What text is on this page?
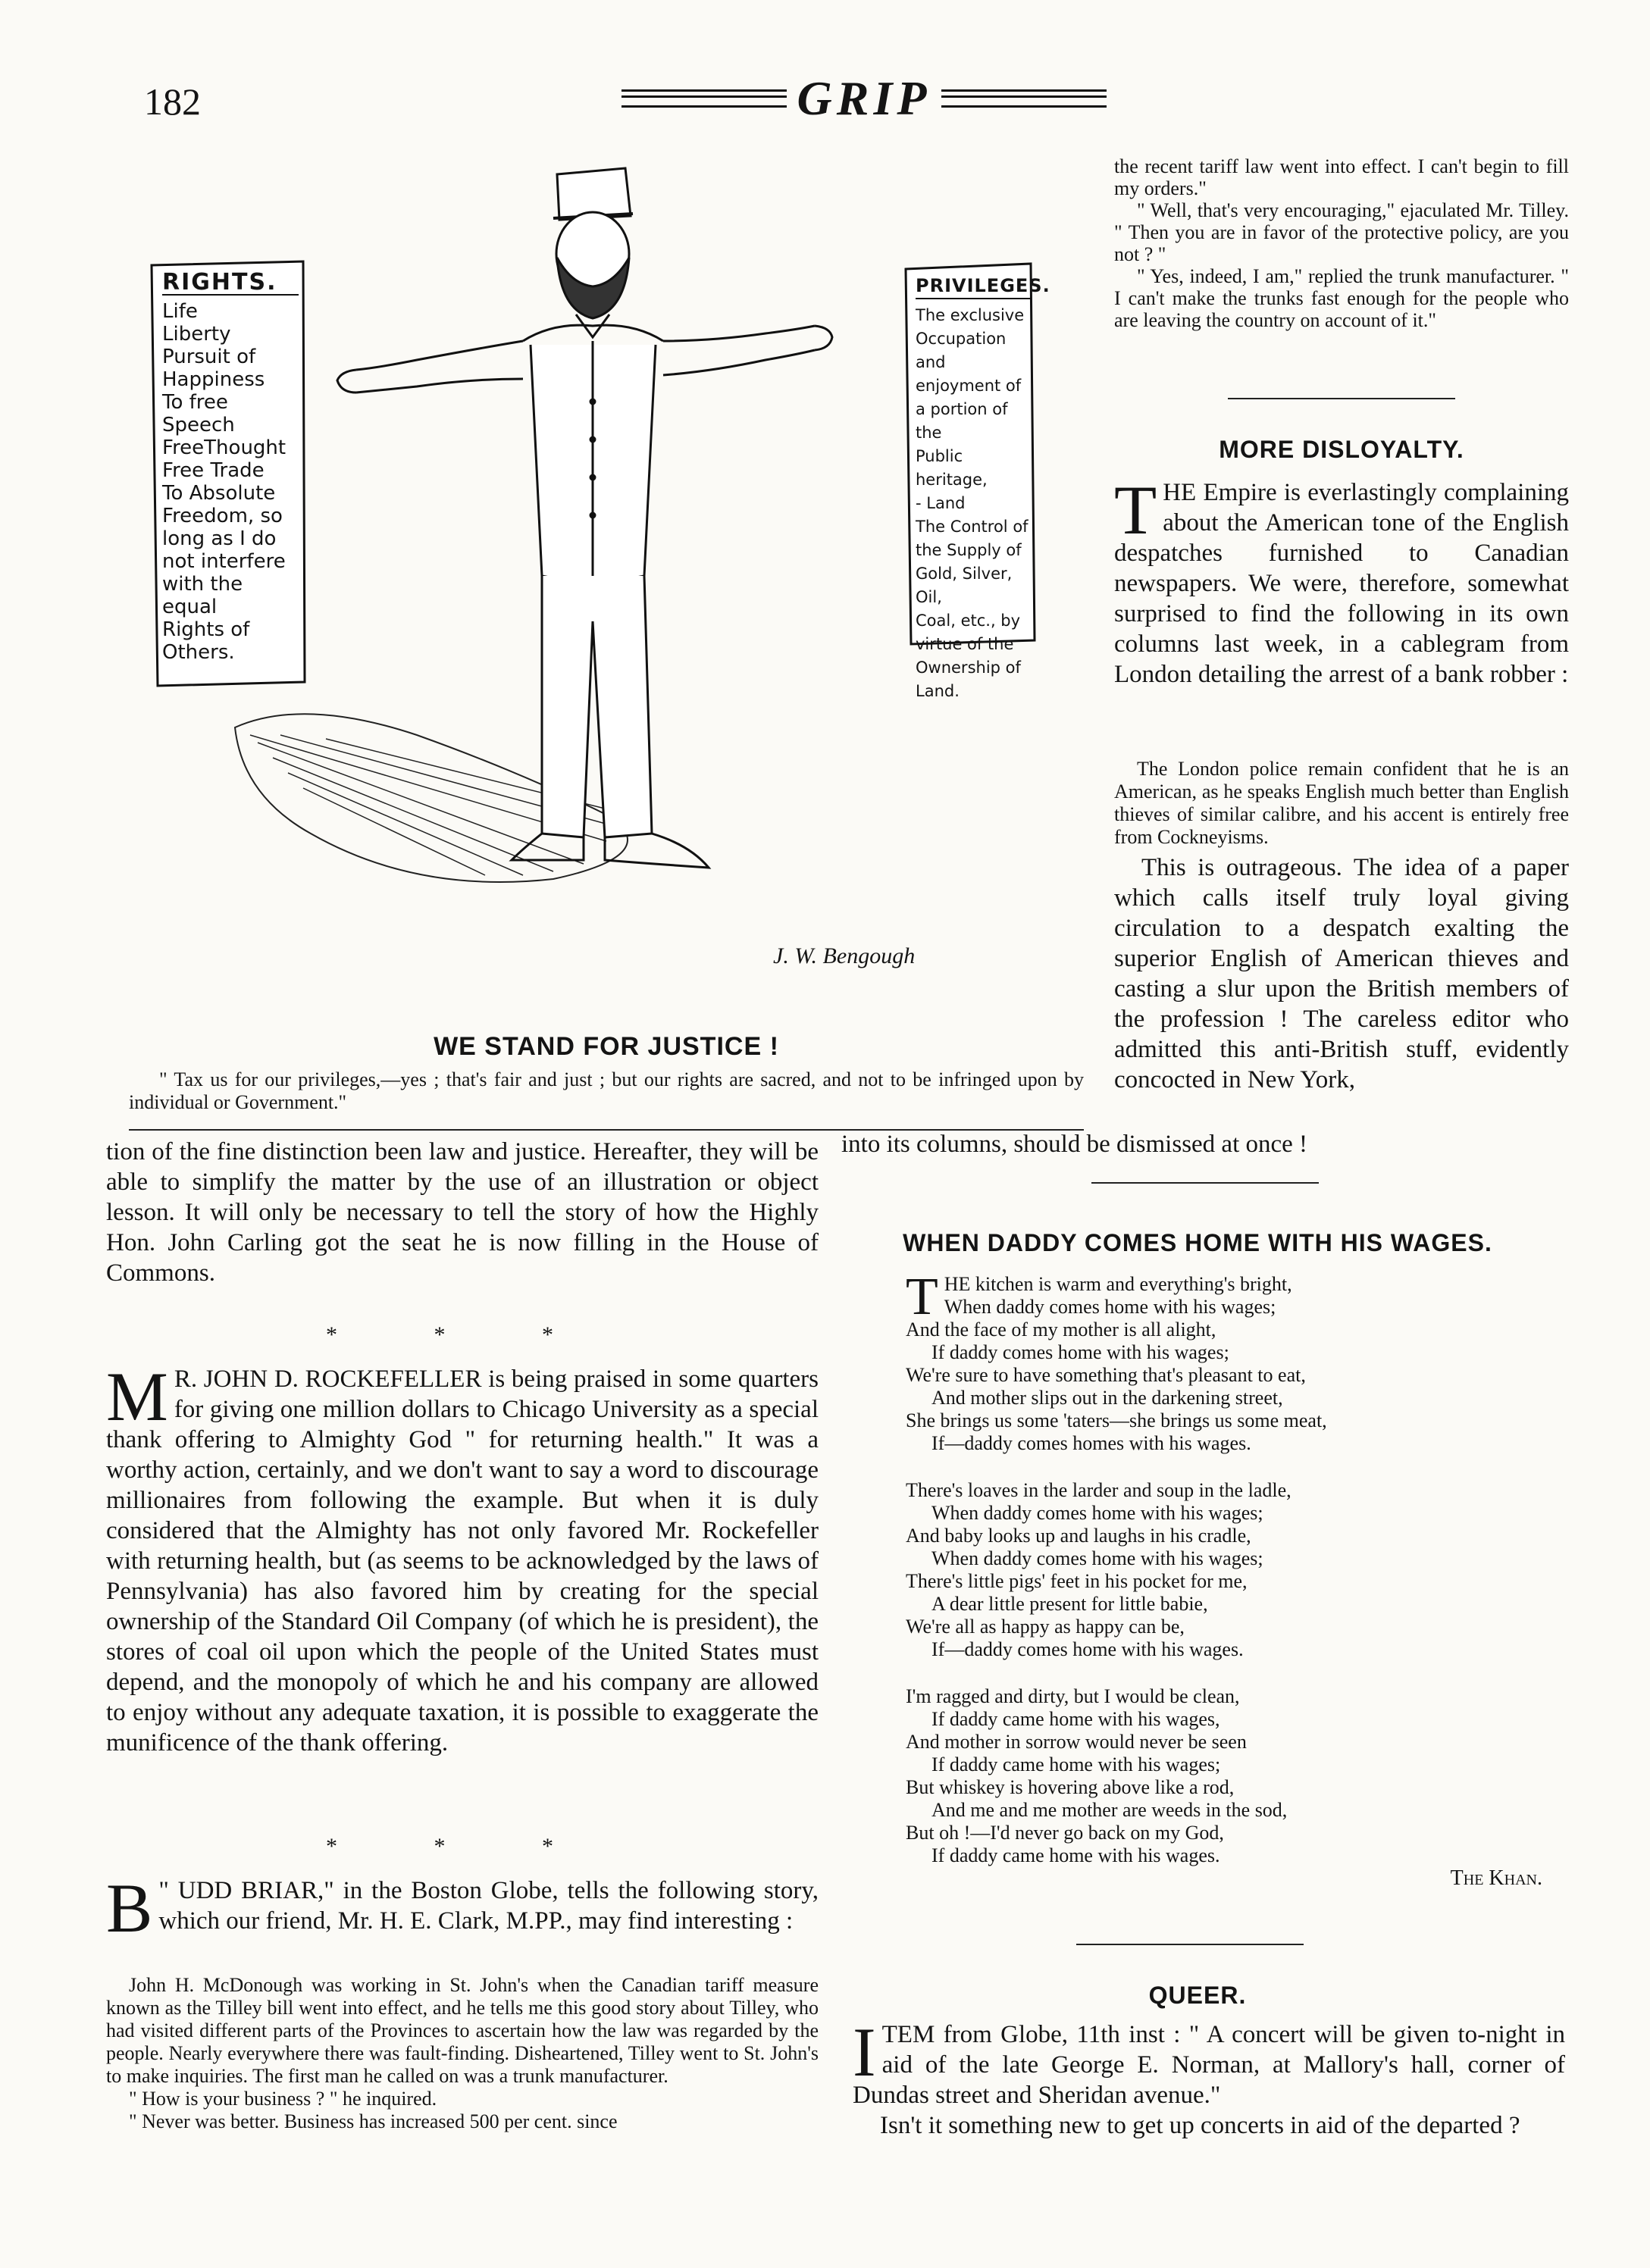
182	GRIP
RIGHTS.
Life
Liberty
Pursuit of
Happiness
To free
Speech
FreeThought
Free Trade
To Absolute
Freedom, so
long as I do
not interfere
with the equal
Rights of Others.
PRIVILEGES.
The exclusive
Occupation and
enjoyment of
a portion of the
Public heritage,
- Land
The Control of
the Supply of
Gold, Silver, Oil,
Coal, etc., by
virtue of the
Ownership of
Land.
J. W. Bengough
WE STAND FOR JUSTICE !
" Tax us for our privileges,—yes ; that's fair and just ; but our rights are sacred, and not to be infringed upon by individual or Government."

the recent tariff law went into effect. I can't begin to fill my orders."

" Well, that's very encouraging," ejaculated Mr. Tilley. " Then you are in favor of the protective policy, are you not ? "

" Yes, indeed, I am," replied the trunk manufacturer. " I can't make the trunks fast enough for the people who are leaving the country on account of it."

MORE DISLOYALTY.
T HE Empire is everlastingly complaining about the American tone of the English despatches furnished to Canadian newspapers. We were, therefore, somewhat surprised to find the following in its own columns last week, in a cablegram from London detailing the arrest of a bank robber :

The London police remain confident that he is an American, as he speaks English much better than English thieves of similar calibre, and his accent is entirely free from Cockneyisms.

This is outrageous. The idea of a paper which calls itself truly loyal giving circulation to a despatch exalting the superior English of American thieves and casting a slur upon the British members of the profession ! The careless editor who admitted this anti-British stuff, evidently concocted in New York,

into its columns, should be dismissed at once !

tion of the fine distinction been law and justice. Hereafter, they will be able to simplify the matter by the use of an illustration or object lesson. It will only be necessary to tell the story of how the Highly Hon. John Carling got the seat he is now filling in the House of Commons.

* * *
M R. JOHN D. ROCKEFELLER is being praised in some quarters for giving one million dollars to Chicago University as a special thank offering to Almighty God " for returning health." It was a worthy action, certainly, and we don't want to say a word to discourage millionaires from following the example. But when it is duly considered that the Almighty has not only favored Mr. Rockefeller with returning health, but (as seems to be acknowledged by the laws of Pennsylvania) has also favored him by creating for the special ownership of the Standard Oil Company (of which he is president), the stores of coal oil upon which the people of the United States must depend, and the monopoly of which he and his company are allowed to enjoy without any adequate taxation, it is possible to exaggerate the munificence of the thank offering.
* * *
B " UDD BRIAR," in the Boston Globe, tells the following story, which our friend, Mr. H. E. Clark, M.PP., may find interesting :

John H. McDonough was working in St. John's when the Canadian tariff measure known as the Tilley bill went into effect, and he tells me this good story about Tilley, who had visited different parts of the Provinces to ascertain how the law was regarded by the people. Nearly everywhere there was fault-finding. Disheartened, Tilley went to St. John's to make inquiries. The first man he called on was a trunk manufacturer.

" How is your business ? " he inquired.

" Never was better. Business has increased 500 per cent. since

WHEN DADDY COMES HOME WITH HIS WAGES.
T HE kitchen is warm and everything's bright,
When daddy comes home with his wages;
And the face of my mother is all alight,
If daddy comes home with his wages;
We're sure to have something that's pleasant to eat,
And mother slips out in the darkening street,
She brings us some 'taters—she brings us some meat,
If—daddy comes homes with his wages.
There's loaves in the larder and soup in the ladle,
When daddy comes home with his wages;
And baby looks up and laughs in his cradle,
When daddy comes home with his wages;
There's little pigs' feet in his pocket for me,
A dear little present for little babie,
We're all as happy as happy can be,
If—daddy comes home with his wages.
I'm ragged and dirty, but I would be clean,
If daddy came home with his wages,
And mother in sorrow would never be seen
If daddy came home with his wages;
But whiskey is hovering above like a rod,
And me and me mother are weeds in the sod,
But oh !—I'd never go back on my God,
If daddy came home with his wages.
The Khan.
QUEER.
I TEM from Globe, 11th inst : " A concert will be given to-night in aid of the late George E. Norman, at Mallory's hall, corner of Dundas street and Sheridan avenue."

Isn't it something new to get up concerts in aid of the departed ?
